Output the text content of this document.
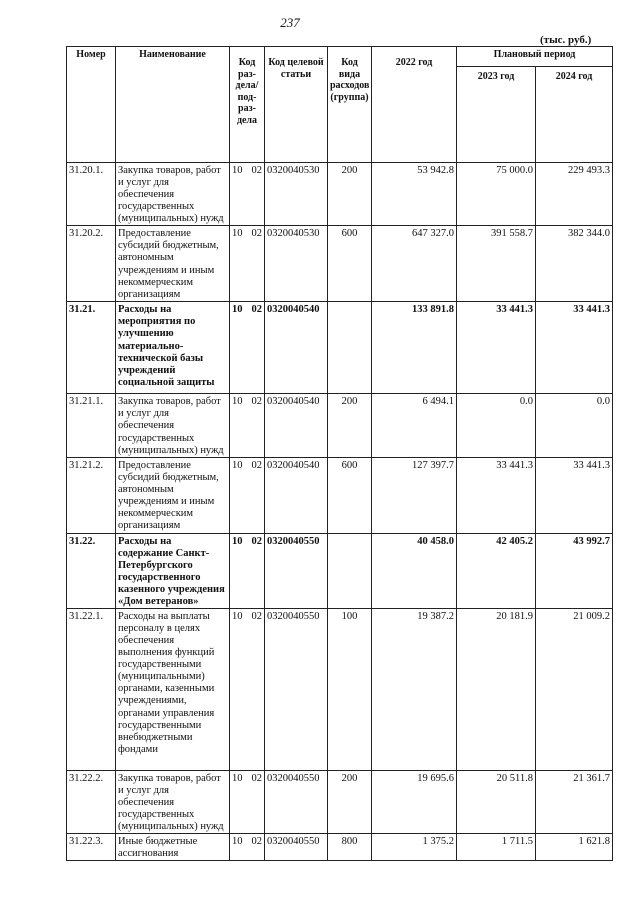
237
(тыс. руб.)
Номер	Наименование	Код раз-дела/ под-раз-дела	Код целевой статьи	Код вида расходов (группа)	2022 год	Плановый период	
						2023 год	2024 год
31.20.1.	Закупка товаров, работ и услуг для обеспечения государственных (муниципальных) нужд	10 02	0320040530	200	53 942.8	75 000.0	229 493.3
31.20.2.	Предоставление субсидий бюджетным, автономным учреждениям и иным некоммерческим организациям	10 02	0320040530	600	647 327.0	391 558.7	382 344.0
31.21.	Расходы на мероприятия по улучшению материально-технической базы учреждений социальной защиты	10 02	0320040540		133 891.8	33 441.3	33 441.3
31.21.1.	Закупка товаров, работ и услуг для обеспечения государственных (муниципальных) нужд	10 02	0320040540	200	6 494.1	0.0	0.0
31.21.2.	Предоставление субсидий бюджетным, автономным учреждениям и иным некоммерческим организациям	10 02	0320040540	600	127 397.7	33 441.3	33 441.3
31.22.	Расходы на содержание Санкт-Петербургского государственного казенного учреждения «Дом ветеранов»	10 02	0320040550		40 458.0	42 405.2	43 992.7
31.22.1.	Расходы на выплаты персоналу в целях обеспечения выполнения функций государственными (муниципальными) органами, казенными учреждениями, органами управления государственными внебюджетными фондами	10 02	0320040550	100	19 387.2	20 181.9	21 009.2
31.22.2.	Закупка товаров, работ и услуг для обеспечения государственных (муниципальных) нужд	10 02	0320040550	200	19 695.6	20 511.8	21 361.7
31.22.3.	Иные бюджетные ассигнования	10 02	0320040550	800	1 375.2	1 711.5	1 621.8
